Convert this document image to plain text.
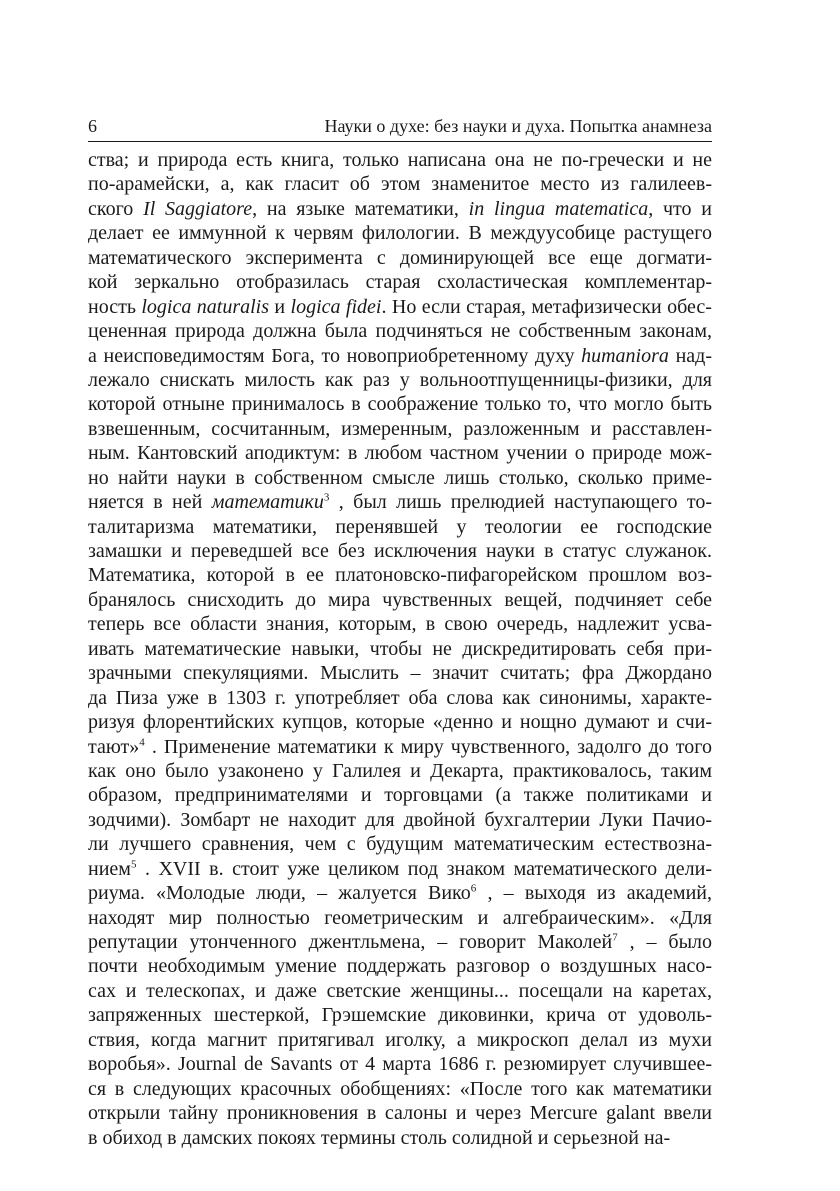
6	Науки о духе: без науки и духа. Попытка анамнеза
ства; и природа есть книга, только написана она не по-гречески и не
по-арамейски, а, как гласит об этом знаменитое место из галилеев-
ского Il Saggiatore, на языке математики, in lingua matematica, что и
делает ее иммунной к червям филологии. В междуусобице растущего
математического эксперимента с доминирующей все еще догмати-
кой зеркально отобразилась старая схоластическая комплементар-
ность logica naturalis и logica fidei. Но если старая, метафизически обес-
цененная природа должна была подчиняться не собственным законам,
а неисповедимостям Бога, то новоприобретенному духу humaniora над-
лежало снискать милость как раз у вольноотпущенницы-физики, для
которой отныне принималось в соображение только то, что могло быть
взвешенным, сосчитанным, измеренным, разложенным и расставлен-
ным. Кантовский аподиктум: в любом частном учении о природе мож-
но найти науки в собственном смысле лишь столько, сколько приме-
няется в ней математики$^3$ , был лишь прелюдией наступающего то-
талитаризма математики, перенявшей у теологии ее господские
замашки и переведшей все без исключения науки в статус служанок.
Математика, которой в ее платоновско-пифагорейском прошлом воз-
бранялось снисходить до мира чувственных вещей, подчиняет себе
теперь все области знания, которым, в свою очередь, надлежит усва-
ивать математические навыки, чтобы не дискредитировать себя при-
зрачными спекуляциями. Мыслить – значит считать; фра Джордано
да Пиза уже в 1303 г. употребляет оба слова как синонимы, характе-
ризуя флорентийских купцов, которые «денно и нощно думают и счи-
тают»$^4$ . Применение математики к миру чувственного, задолго до того
как оно было узаконено у Галилея и Декарта, практиковалось, таким
образом, предпринимателями и торговцами (а также политиками и
зодчими). Зомбарт не находит для двойной бухгалтерии Луки Пачио-
ли лучшего сравнения, чем с будущим математическим естествозна-
нием$^5$ . XVII в. стоит уже целиком под знаком математического дели-
риума. «Молодые люди, – жалуется Вико$^6$ , – выходя из академий,
находят мир полностью геометрическим и алгебраическим». «Для
репутации утонченного джентльмена, – говорит Маколей$^7$ , – было
почти необходимым умение поддержать разговор о воздушных насо-
сах и телескопах, и даже светские женщины... посещали на каретах,
запряженных шестеркой, Грэшемские диковинки, крича от удоволь-
ствия, когда магнит притягивал иголку, а микроскоп делал из мухи
воробья». Journal de Savants от 4 марта 1686 г. резюмирует случившее-
ся в следующих красочных обобщениях: «После того как математики
открыли тайну проникновения в салоны и через Mercure galant ввели
в обиход в дамских покоях термины столь солидной и серьезной на-
